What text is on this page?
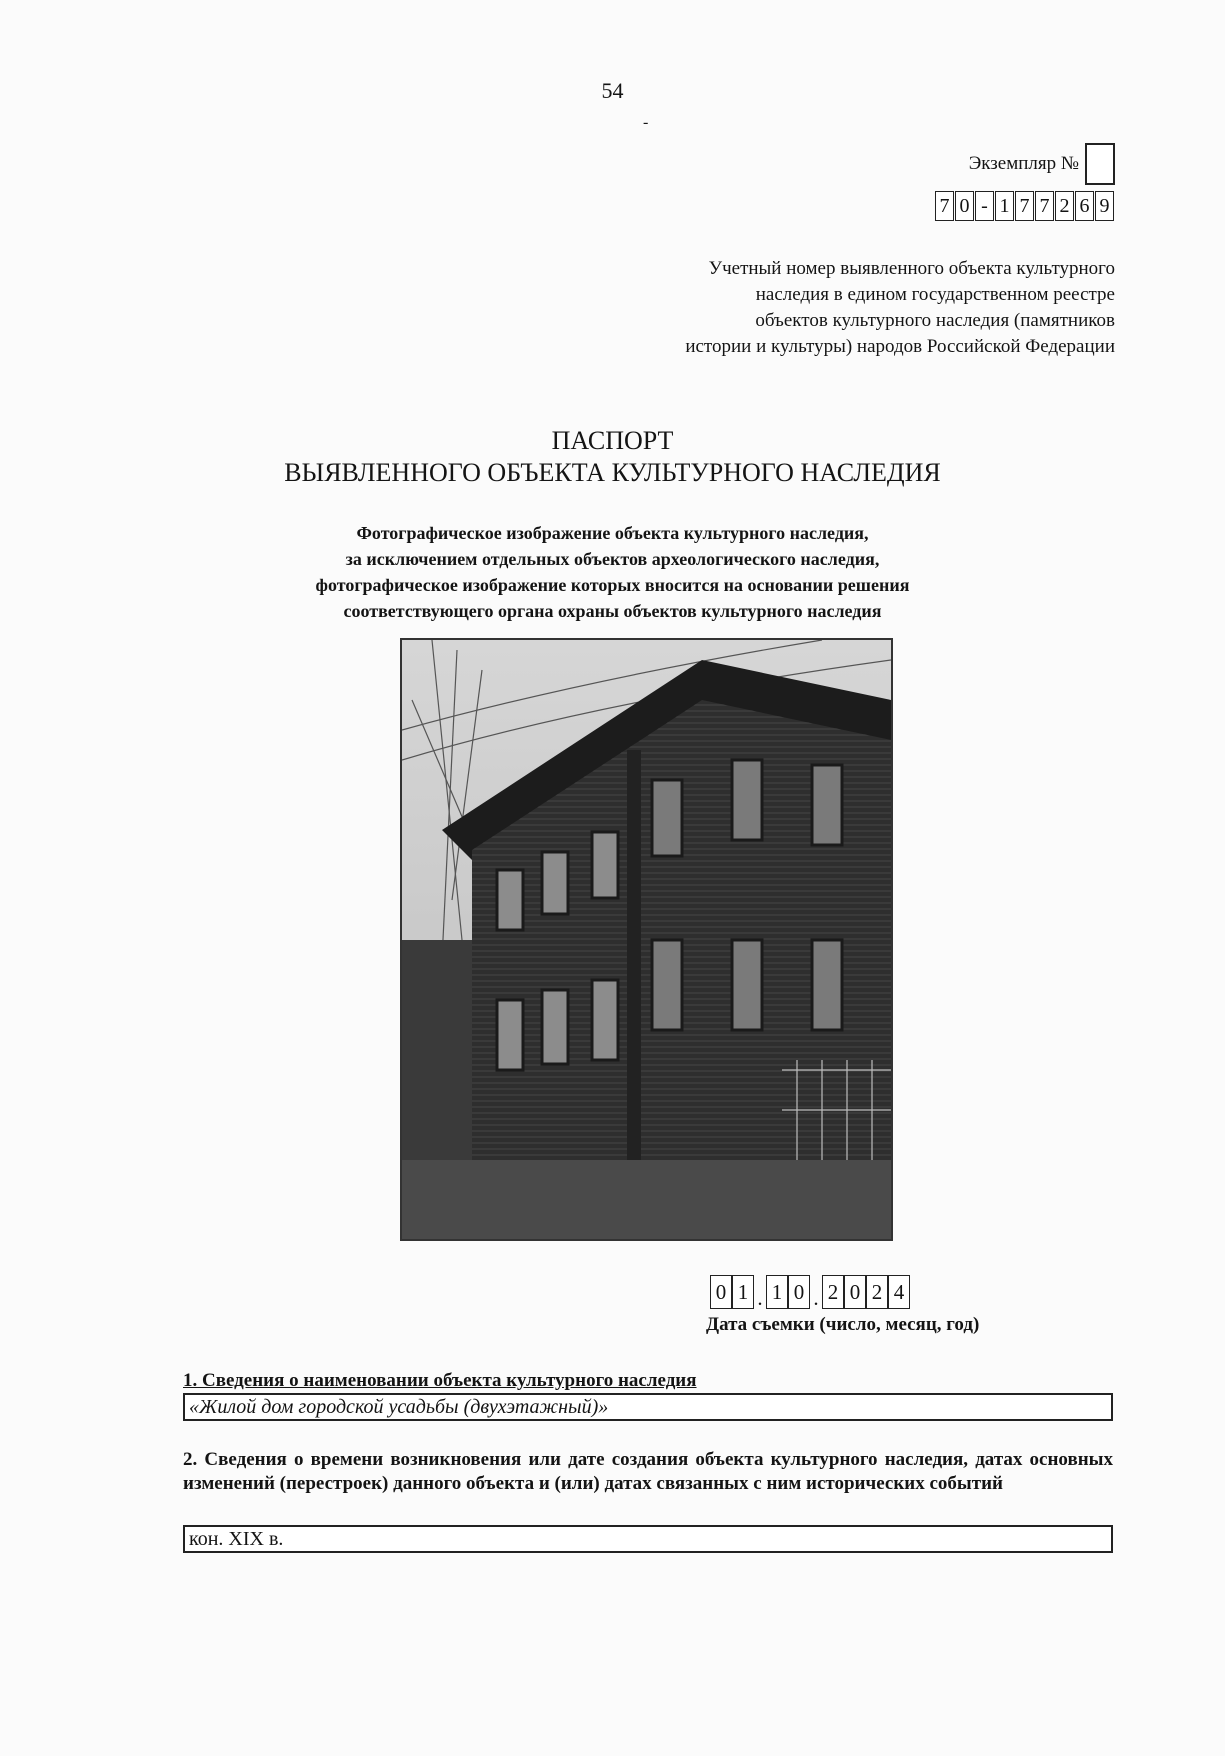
54
-
Экземпляр №
7 0 - 1 7 7 2 6 9
Учетный номер выявленного объекта культурного
наследия в едином государственном реестре
объектов культурного наследия (памятников
истории и культуры) народов Российской Федерации
ПАСПОРТ
ВЫЯВЛЕННОГО ОБЪЕКТА КУЛЬТУРНОГО НАСЛЕДИЯ
Фотографическое изображение объекта культурного наследия,
за исключением отдельных объектов археологического наследия,
фотографическое изображение которых вносится на основании решения
соответствующего органа охраны объектов культурного наследия
0 1 . 1 0 . 2 0 2 4
Дата съемки (число, месяц, год)
1. Сведения о наименовании объекта культурного наследия
«Жилой дом городской усадьбы (двухэтажный)»
2. Сведения о времени возникновения или дате создания объекта культурного наследия, датах основных изменений (перестроек) данного объекта и (или) датах связанных с ним исторических событий
кон. XIX в.
